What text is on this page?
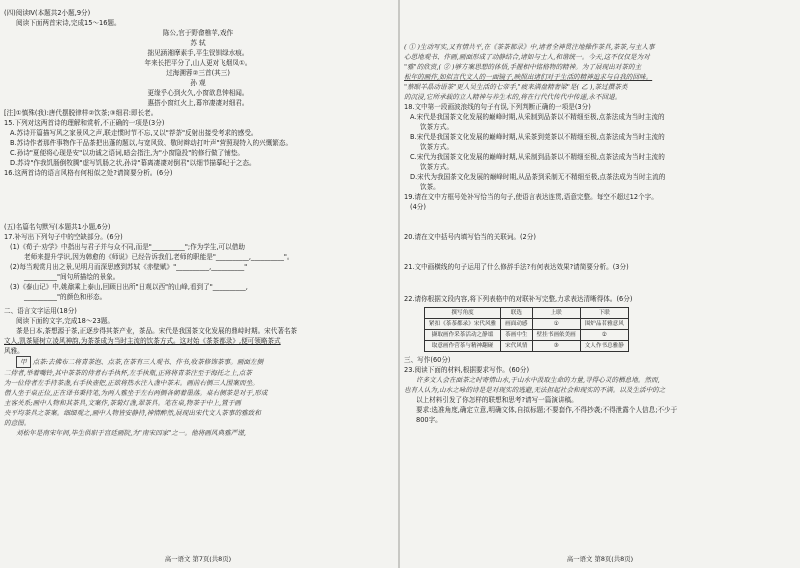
(四)阅读Ⅳ(本题共2小题,9分)

阅读下面两首宋诗,完成15～16题。

陈公,官于野畲樵苹,戏作

苏 轼

拙见涵湘摩素手,平生钗钏绿水痕。

年来长把平分了,山人更对飞烟凤①。

过海溯蓉②三首(其三)

孙 观

更缘乎心到火久,小窗欲息钟相闻。

惠搭小窗红火上,幕帘凄凄对细君。

[注]①慎殊(我):唐代摆脱律样②饮茶;③细君:即长老。

15.下列对这两首诗的理解和赏析,不正确的一项是(3分)

A.苏诗开篇描写风之家景风之声,联走惯时节不忘,又以"荐荼"反射出接受考求的感受。

B.苏诗作者那件事物作干品茶把出蓬的题以,与宽风致、敬时辫动打叶声"营照现特入的兴慨繁态。

C.孙诗"夏便将心现是安"以功诚之语词,暗会指注,为"小窗隐投"的修行做了铺垫。

D.苏诗"作我饥肠倒牧腾"虚写饥肠之状,孙诗"幕离凄凄对倒君"以细节描摹纪于之态。

16.这两首诗的语言风格有何相似之处?请简要分析。(6分)

(五)名篇名句默写(本题共1小题,6分)

17.补写出下列句子中的空缺部分。(6分)

(1)《荀子·劝学》中指出与君子并与众不同,而是"__________";作为学生,可以借助

老师来提升学识,因为韩愈的《师说》已经告诉我们,老师的职能是"__________,__________"。

(2)每当观赏月出之景,见明月而深思感到苏轼《赤壁赋》"__________,__________"

__________"间句所描绘的景象。

(3)《泰山记》中,姚鼐乘上泰山,回顾日出所"日观以西"的山峰,看到了"__________,

__________"的颜色和形态。

二、语言文字运用(18分)

阅读下面的文字,完成18～23题。

茶是日本,茶想源于茶,正逐步得其茶产业，茶品。宋代是我国茶文化发展的鼎峙时期。宋代著名茶

文人,凯茶疑树立凌风神韵,为茶茶成为当时主流的饮茶方式。这对始《茶茶都录》,便可领略茶式

风雅。

甲 点茶:去佛布二将青茶泡、点茶,在茶有三人观书、作书,收茶修饰茶事。画面左侧

二侍者,举着嘴铃,其中茶茶的侍者右手执杯,左手执瓶,正将将青茶注至于海托之上,点茶

为一位侍者左手持茶盏,右手执壶把,正欲将热水注入盏中茶末。画前右侧三人围案而坐。

僧人坐于桌正位,正在译书秉持笔,为两人雅坐于左右两侧各朝着墨落。桌右侧茶是对于,形成

主客关系;画中人物和其茶具,文案作,茶菊灯盏,翠茶具。笔在桌,物茶于中上,置于画

央平均茶具之茶案。细细观之,画中人物皆安静持,神情醉然,展现出宋代文人茶事的雅致和

的意图。

刘松年是南宋年间,毕生供职于宫廷画院,为"南宋四家"之一。他将画风典雅严谨,

高一语文 第7页(共8页)

( ① )生动写实,又有情共平,在《茶茶都录》中,诸者全神贯注地操作茶具,茶茶,与主人事

心思地观书、作画,画面形成了动静结合,诸如与士人,和谐统一。今天,这不仅仅是为对

"雅"的欣赏,( ② )够方案思想的体悟,手握相中铭格物的精神。为了展现出对茶的主

松年的画作,如似言代文人的一面镜子,映照出诸们对于生活的精神追求与自我的回味。

"蔡眼羊晶动语茶"更人吴生活的七帝手,"疲来满盘精奢梁"是( 乙 ),茶过撰茶类

的沉浸,它所承载的立人精神与养生术的,将在行代代传代中传递,永不回退。

18.文中第一段画波浪线的句子有误,下列判断正确的一项是(3分)

A.宋代是我国茶文化发展的巅峰时期,从采制到品茶以不精细至极,点茶法成为当时主流的

饮茶方式。

B.宋代是我国茶文化发展的巅峰时期,从采茶到莞茶以不精细至极,点茶法成为当时主流的

饮茶方式。

C.宋代为我国茶文化发展的巅峰时期,从采制到品茶以不精细至极,点茶法成为当时主流的

饮茶方式。

D.宋代为我国茶文化发展的巅峰时期,从品茶到采制无不精细至极,点茶法成为当时主流的

饮茶。

19.请在文中方框号处补写恰当的句子,使语言表达连贯,语意完整。每空不超过12个字。

(4分)

20.请在文中括号内填写恰当的关联词。(2分)

21.文中画横线的句子运用了什么修辞手法?有何表达效果?请简要分析。(3分)

22.请你根据文段内容,将下列表格中的对联补写完整,力求表达清晰得体。(6分)

撰写角度	联选	上联	下联
紧扣《茶茶都录》宋代风雅	画面动感	①	围炉品茗雅意风
撷取画作采茶活动之静谧	茶画中生	壁挂书画依美画	②
取意画作营茶与精神翻碰	宋代风情	③	文人作书总雅静

三、写作(60分)

23.阅读下面的材料,根据要求写作。(60分)

许多文人会在面茶之时寄情山水,于山水中汲取生命的力量,寻得心灵的栖息地。然而,

也有人认为,山水之咏的诗是是对现实的逃避,无法担起社会和现实的不满。以及生活中的之

以上材料引发了你怎样的联想和思考?请写一篇演讲稿。

要求:选准角度,确定立意,明确文体,自拟标题;不要套作,不得抄袭;不得泄露个人信息;不少于

800字。

高一语文 第8页(共8页)
